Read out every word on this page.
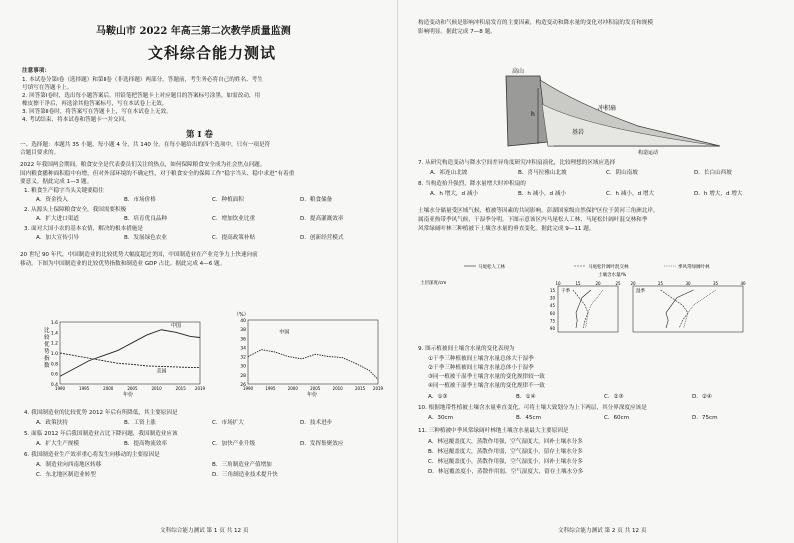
马鞍山市 2022 年高三第二次教学质量监测
文科综合能力测试
注意事项：
1. 本试卷分第Ⅰ卷（选择题）和第Ⅱ卷（非选择题）两部分，答题前，考生务必将自己的姓名、考生
号填写在答题卡上。
2. 回答第Ⅰ卷时，选出每小题答案后，用铅笔把答题卡上对应题目的答案标号涂黑，如需改动，用
橡皮擦干净后，再选涂其他答案标号，写在本试卷上无效。
3. 回答第Ⅱ卷时，将答案写在答题卡上，写在本试卷上无效。
4. 考试结束，将本试卷和答题卡一并交回。
第 Ⅰ 卷
一、选择题：本题共 35 小题，每小题 4 分，共 140 分。在每小题给出的四个选项中，只有一项是符
合题目要求的。
2022 年我国两会期间，粮食安全是代表委员们关注的热点，如何保障粮食安全成为社会焦点问题。
国内粮食播种面积稳中有增，但对外部环境的不确定性，对于粮食安全的保障工作“稳字当头、稳中求进”有着重
要意义。据此完成 1—3 题。
1. 粮食生产稳字当头关键要稳住
A．资金投入	B．市场价格	C．种植面积	D．粮食储备
2. 从源头上保障粮食安全，我国需要积极
A．扩大进口渠道	B．培育优良品种	C．增加饮业比重	D．提高灌溉效率
3. 面对大国小农的基本农情，解决的根本措施是
A．加大宣传引导	B．发展绿色农业	C．提高政策补贴	D．创新经营模式
20 世纪 90 年代，中国制造业的比较优势大幅度超过美国，中国制造业在产业竞争力上快速向前
移动。下图为中国制造业的比较优势指数和制造业 GDP 占比。据此完成 4—6 题。
1.6
1.4
1.2
1.0
0.8
0.6
0.4
1990	1995	2000	2005	2010	2015 2019
比
较
优
势
指
数
年份
中国
美国
40
38
36
34
32
30
28
26
1990	1995	2000	2005	2010	2015 2019
（%）
年份
中国
4. 我国制造业的比较优势 2012 年后有所降低，其主要原因是
A．政策扶持	B．工资上涨	C．市场扩大	D．技术进步
5. 面临 2012 年后我国制造业占比下降问题，我国制造业应该
A．扩大生产规模	B．提高物流效率	C．加快产业升级	D．发挥集聚效应
6. 我国制造业生产效率重心将发生向移动的主要原因是
A．制造业向西南地区转移	B．三角制造业产值增加
C．东北地区制造业转型	D．三角制造业技术提升快
文科综合能力测试 第 1 页 共 12 页
构造变动和气候是影响冲积扇发育的主要因素，构造变动和降水量的变化对冲积扇的发育和规模
影响明显。据此完成 7—8 题。
高山
冲积扇
基岩
h
构造运动
7. 从研究构造变动与降水空间差异角度研究冲积扇演化，比较理想的区域应选择
A．祁连山北坡	B．喜马拉雅山北坡	C．阴山南坡	D．长白山西坡
8. 当构造抬升强烈，降水量增大时冲积扇的
A．h 增大，d 减小	B．h 减小，d 减小	C．h 减小，d 增大	D．h 增大，d 增大
土壤水分储量受区域气候、植被等因素的共同影响。彭湖国家级自然保护区位于黄河三角洲北岸，
属南亚热带季风气候，干湿季分明。下图示意该区内马尾松人工林、马尾松针阔叶混交林和季
风常绿阔叶林三种植被下土壤含水量的垂直变化。据此完成 9—11 题。
马尾松人工林	马尾松针阔叶混交林	季风常绿阔叶林
土壤含水量/%
土层深度/cm	10	15	20	25
干季
20	25	30	35	40
湿季
15
30
45
60
75
90
9. 图示植被间土壤含水量的变化表现为
①干季三种植被间土壤含水量总体大于湿季
②干季三种植被间土壤含水量总体小于湿季
③同一植被干湿季土壤含水量的变化规律较一致
④同一植被干湿季土壤含水量的变化规律不一致
A．①③	B．①④	C．②③	D．②④
10. 根据地带性植被土壤含水量垂直变化，可将土壤大致划分为上下两层，其分界深度应该是
A．30cm	B．45cm	C．60cm	D．75cm
11. 三种植被中季风常绿阔叶林地土壤含水量最大主要原因是
A．林冠覆盖度大，蒸散作用强，空气湿度大，回补土壤水分多
B．林冠覆盖度大，蒸散作用弱，空气湿度小，留存土壤水分多
C．林冠覆盖度小，蒸散作用强，空气湿度小，回补土壤水分多
D．林冠覆盖度小，蒸散作用弱，空气湿度大，留存土壤水分多
文科综合能力测试 第 2 页 共 12 页
